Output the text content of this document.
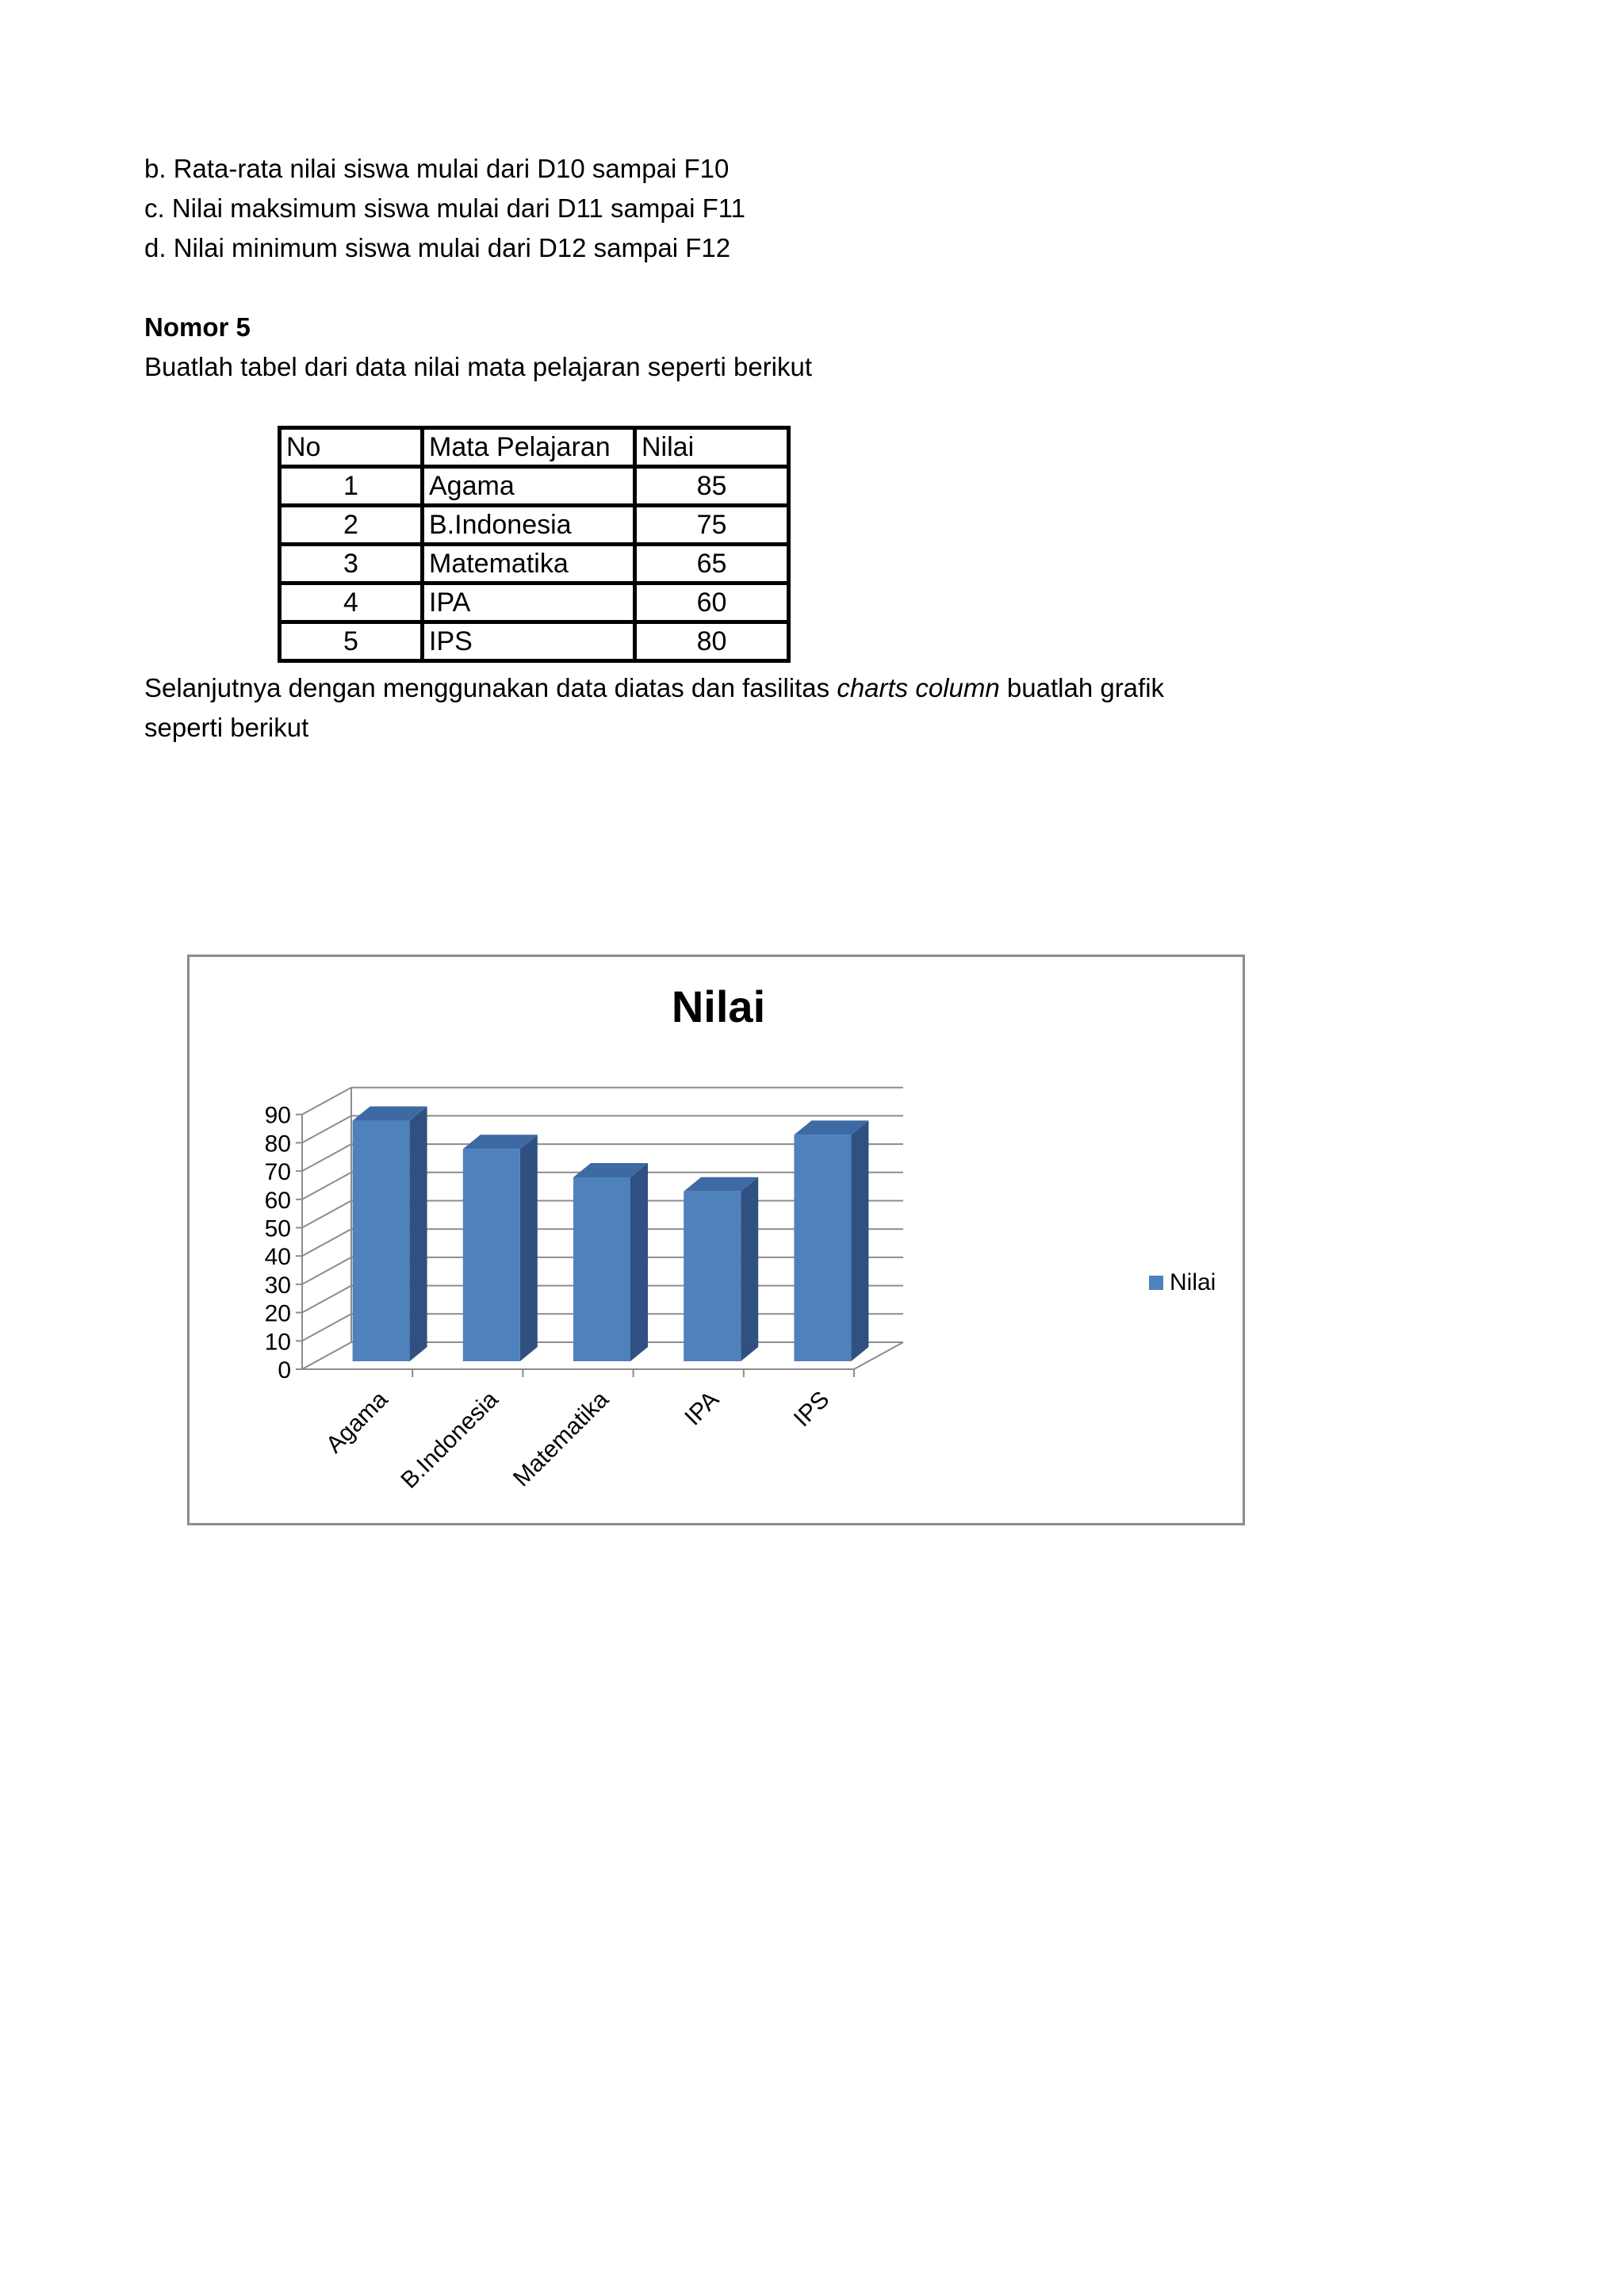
b. Rata-rata nilai siswa mulai dari D10 sampai F10
c. Nilai maksimum siswa mulai dari D11 sampai F11
d. Nilai minimum siswa mulai dari D12 sampai F12
Nomor 5
Buatlah tabel dari data nilai mata pelajaran seperti berikut
No	Mata Pelajaran	Nilai
1	Agama	85
2	B.Indonesia	75
3	Matematika	65
4	IPA	60
5	IPS	80
Selanjutnya dengan menggunakan data diatas dan fasilitas charts column buatlah grafik
seperti berikut
Nilai
0
10
20
30
40
50
60
70
80
90
Agama B.Indonesia Matematika	IPA	IPS
Nilai
